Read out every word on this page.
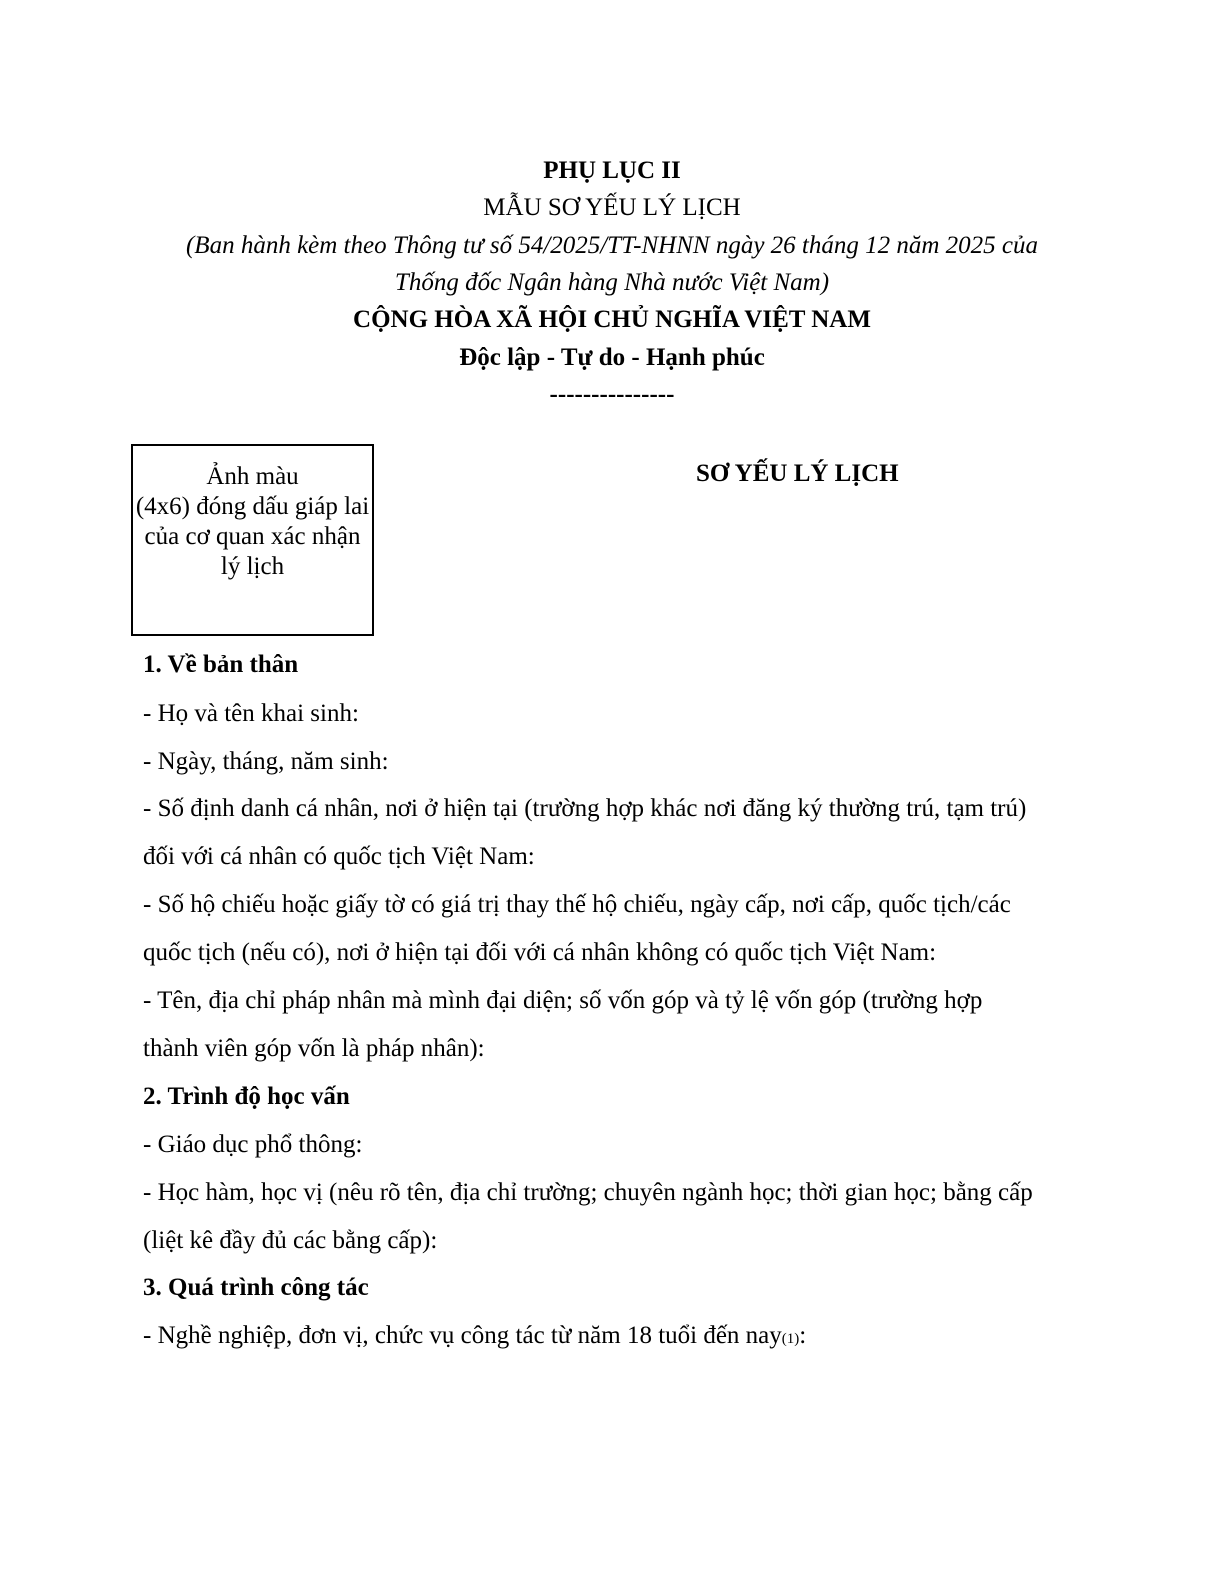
PHỤ LỤC II
MẪU SƠ YẾU LÝ LỊCH
(Ban hành kèm theo Thông tư số 54/2025/TT-NHNN ngày 26 tháng 12 năm 2025 của
Thống đốc Ngân hàng Nhà nước Việt Nam)
CỘNG HÒA XÃ HỘI CHỦ NGHĨA VIỆT NAM
Độc lập - Tự do - Hạnh phúc
---------------
Ảnh màu
(4x6) đóng dấu giáp lai
của cơ quan xác nhận
lý lịch
SƠ YẾU LÝ LỊCH
1. Về bản thân
- Họ và tên khai sinh:
- Ngày, tháng, năm sinh:
- Số định danh cá nhân, nơi ở hiện tại (trường hợp khác nơi đăng ký thường trú, tạm trú)
đối với cá nhân có quốc tịch Việt Nam:
- Số hộ chiếu hoặc giấy tờ có giá trị thay thế hộ chiếu, ngày cấp, nơi cấp, quốc tịch/các
quốc tịch (nếu có), nơi ở hiện tại đối với cá nhân không có quốc tịch Việt Nam:
- Tên, địa chỉ pháp nhân mà mình đại diện; số vốn góp và tỷ lệ vốn góp (trường hợp
thành viên góp vốn là pháp nhân):
2. Trình độ học vấn
- Giáo dục phổ thông:
- Học hàm, học vị (nêu rõ tên, địa chỉ trường; chuyên ngành học; thời gian học; bằng cấp
(liệt kê đầy đủ các bằng cấp):
3. Quá trình công tác
- Nghề nghiệp, đơn vị, chức vụ công tác từ năm 18 tuổi đến nay(1):
